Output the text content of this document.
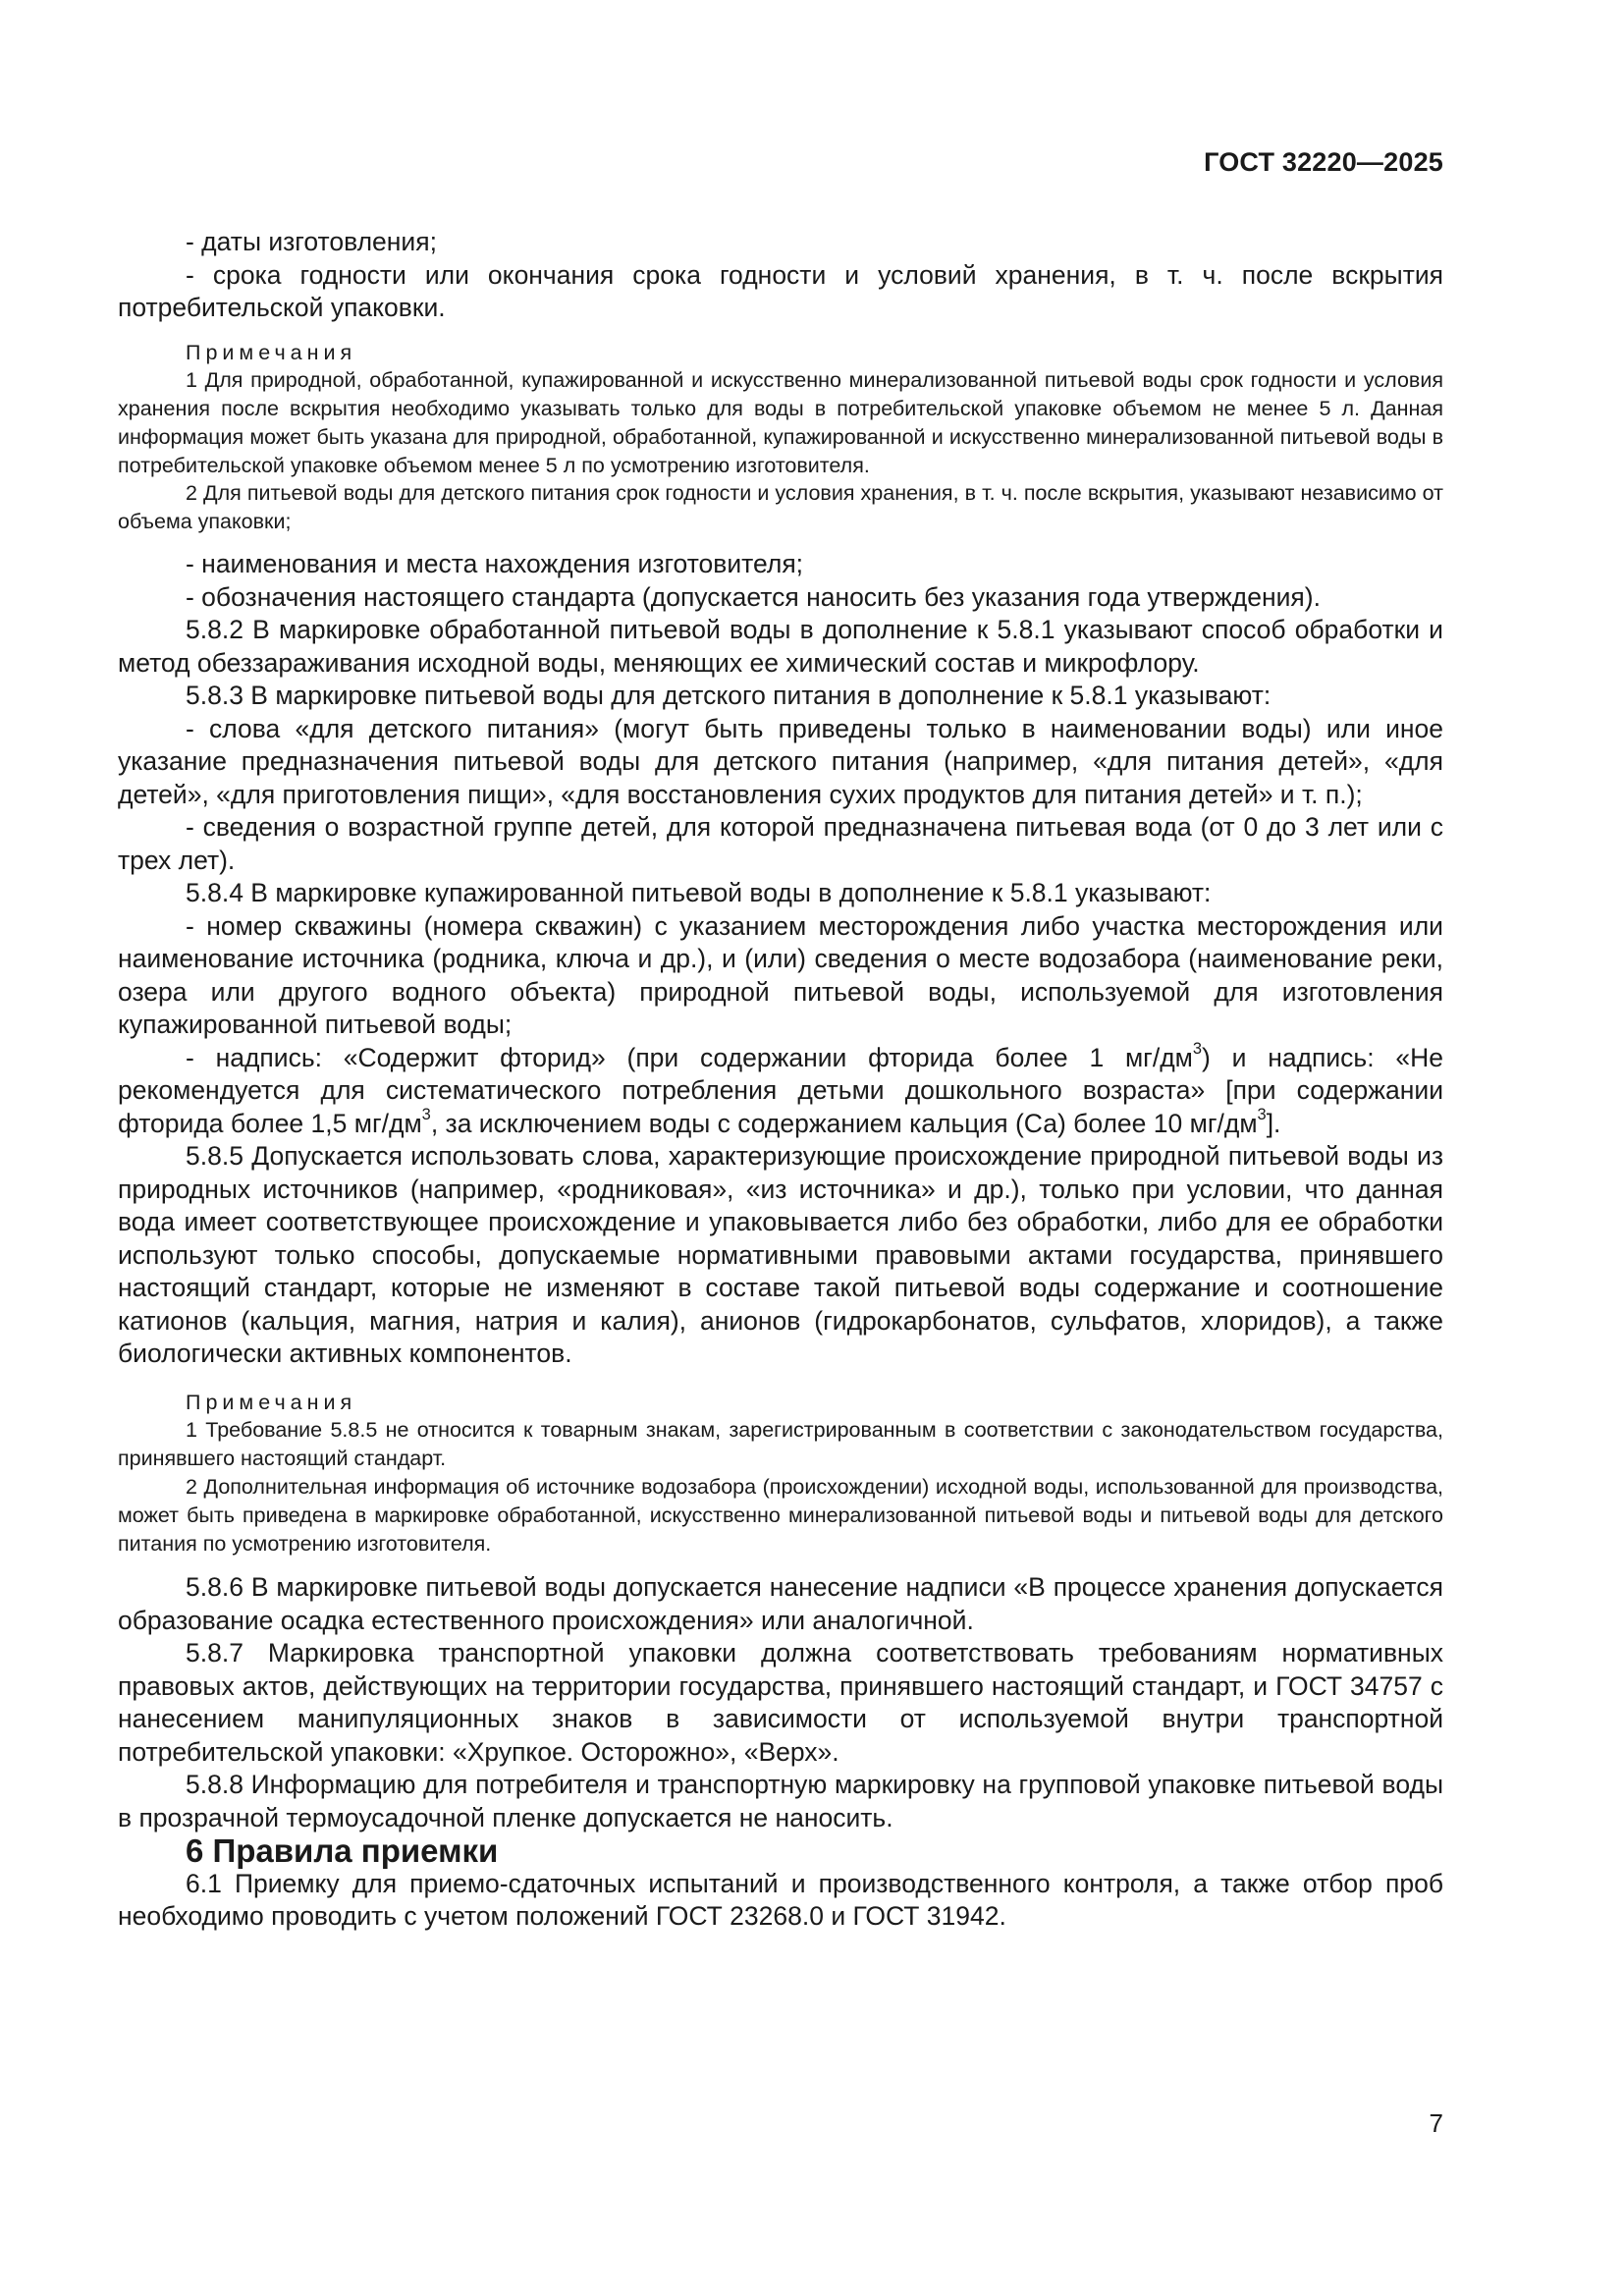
ГОСТ 32220—2025

- даты изготовления;

- срока годности или окончания срока годности и условий хранения, в т. ч. после вскрытия потребительской упаковки.

Примечания

1 Для природной, обработанной, купажированной и искусственно минерализованной питьевой воды срок годности и условия хранения после вскрытия необходимо указывать только для воды в потребительской упаковке объемом не менее 5 л. Данная информация может быть указана для природной, обработанной, купажированной и искусственно минерализованной питьевой воды в потребительской упаковке объемом менее 5 л по усмотрению изготовителя.

2 Для питьевой воды для детского питания срок годности и условия хранения, в т. ч. после вскрытия, указывают независимо от объема упаковки;

- наименования и места нахождения изготовителя;

- обозначения настоящего стандарта (допускается наносить без указания года утверждения).

5.8.2 В маркировке обработанной питьевой воды в дополнение к 5.8.1 указывают способ обработки и метод обеззараживания исходной воды, меняющих ее химический состав и микрофлору.

5.8.3 В маркировке питьевой воды для детского питания в дополнение к 5.8.1 указывают:

- слова «для детского питания» (могут быть приведены только в наименовании воды) или иное указание предназначения питьевой воды для детского питания (например, «для питания детей», «для детей», «для приготовления пищи», «для восстановления сухих продуктов для питания детей» и т. п.);

- сведения о возрастной группе детей, для которой предназначена питьевая вода (от 0 до 3 лет или с трех лет).

5.8.4 В маркировке купажированной питьевой воды в дополнение к 5.8.1 указывают:

- номер скважины (номера скважин) с указанием месторождения либо участка месторождения или наименование источника (родника, ключа и др.), и (или) сведения о месте водозабора (наименование реки, озера или другого водного объекта) природной питьевой воды, используемой для изготовления купажированной питьевой воды;

- надпись: «Содержит фторид» (при содержании фторида более 1 $мг/дм^3$) и надпись: «Не рекомендуется для систематического потребления детьми дошкольного возраста» [при содержании фторида более 1,5 $мг/дм^3$, за исключением воды с содержанием кальция (Са) более 10 $мг/дм^3$].

5.8.5 Допускается использовать слова, характеризующие происхождение природной питьевой воды из природных источников (например, «родниковая», «из источника» и др.), только при условии, что данная вода имеет соответствующее происхождение и упаковывается либо без обработки, либо для ее обработки используют только способы, допускаемые нормативными правовыми актами государства, принявшего настоящий стандарт, которые не изменяют в составе такой питьевой воды содержание и соотношение катионов (кальция, магния, натрия и калия), анионов (гидрокарбонатов, сульфатов, хлоридов), а также биологически активных компонентов.

Примечания

1 Требование 5.8.5 не относится к товарным знакам, зарегистрированным в соответствии с законодательством государства, принявшего настоящий стандарт.

2 Дополнительная информация об источнике водозабора (происхождении) исходной воды, использованной для производства, может быть приведена в маркировке обработанной, искусственно минерализованной питьевой воды и питьевой воды для детского питания по усмотрению изготовителя.

5.8.6 В маркировке питьевой воды допускается нанесение надписи «В процессе хранения допускается образование осадка естественного происхождения» или аналогичной.

5.8.7 Маркировка транспортной упаковки должна соответствовать требованиям нормативных правовых актов, действующих на территории государства, принявшего настоящий стандарт, и ГОСТ 34757 с нанесением манипуляционных знаков в зависимости от используемой внутри транспортной потребительской упаковки: «Хрупкое. Осторожно», «Верх».

5.8.8 Информацию для потребителя и транспортную маркировку на групповой упаковке питьевой воды в прозрачной термоусадочной пленке допускается не наносить.

6 Правила приемки

6.1 Приемку для приемо-сдаточных испытаний и производственного контроля, а также отбор проб необходимо проводить с учетом положений ГОСТ 23268.0 и ГОСТ 31942.

7
